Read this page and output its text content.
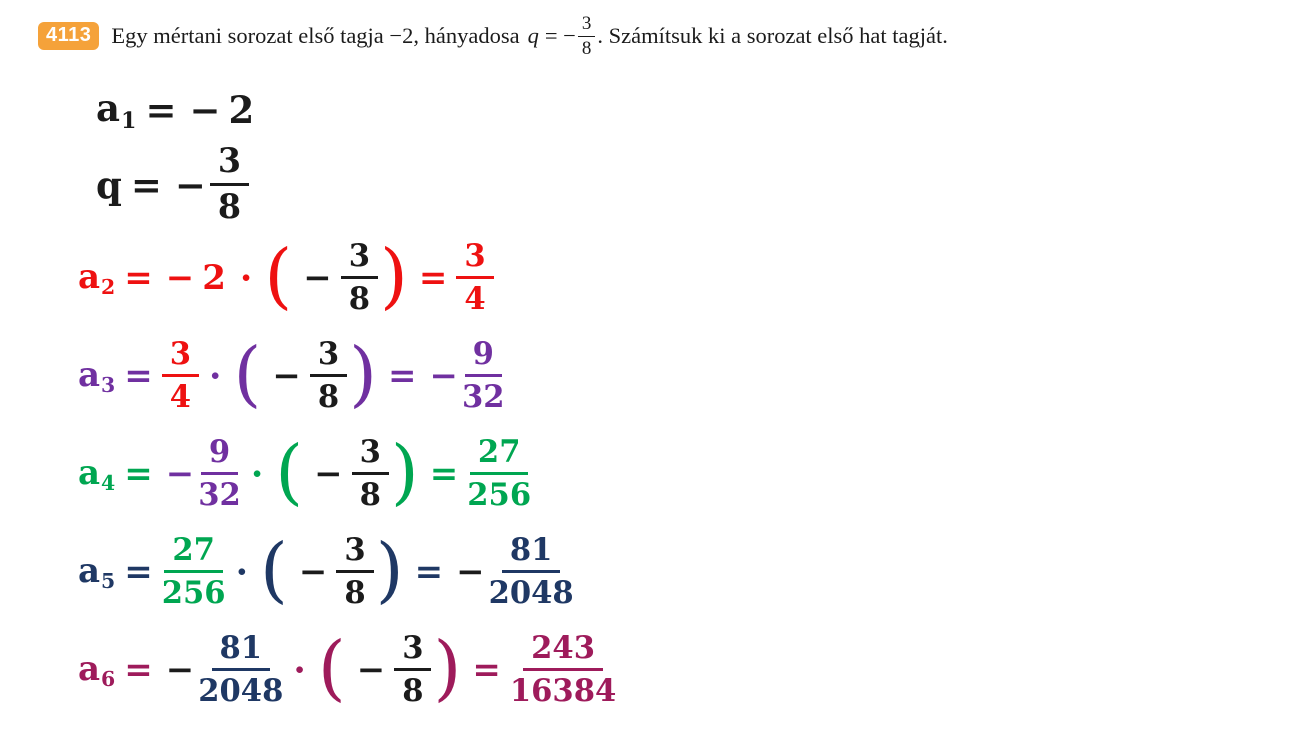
4113 Egy mértani sorozat első tagja −2, hányadosa q = − $\frac{3}{8}$ . Számítsuk ki a sorozat első hat tagját.
$a_1$ = − 2
q = − $\frac{3}{8}$
$a_2$ = − 2 · ( − $\frac{3}{8}$ ) = $\frac{3}{4}$
$a_3 = \frac{3}{4}$ · ( − $\frac{3}{8}$ ) = − $\frac{9}{32}$
$a_4$ = − $\frac{9}{32}$ · ( − $\frac{3}{8}$ ) = $\frac{27}{256}$
$a_5 = \frac{27}{256}$ · ( − $\frac{3}{8}$ ) = − $\frac{81}{2048}$
$a_6$ = − $\frac{81}{2048}$ · ( − $\frac{3}{8}$ ) = $\frac{243}{16384}$
